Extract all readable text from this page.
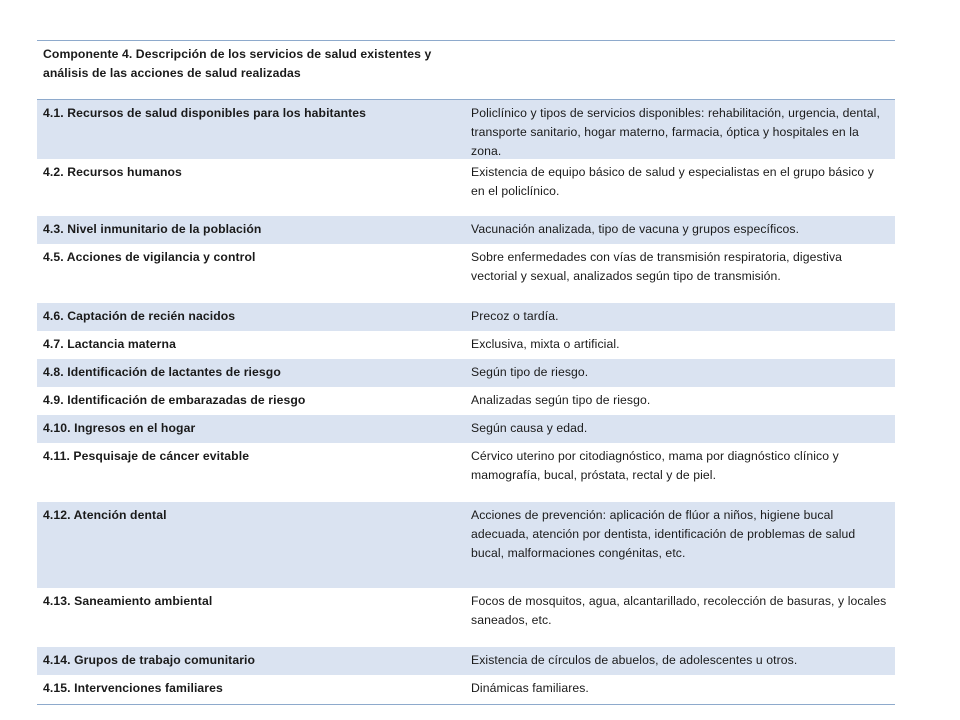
Componente 4. Descripción de los servicios de salud existentes y análisis de las acciones de salud realizadas
4.1. Recursos de salud disponibles para los habitantes	Policlínico y tipos de servicios disponibles: rehabilitación, urgencia, dental, transporte sanitario, hogar materno, farmacia, óptica y hospitales en la zona.
4.2. Recursos humanos	Existencia de equipo básico de salud y especialistas en el grupo básico y en el policlínico.
4.3. Nivel inmunitario de la población	Vacunación analizada, tipo de vacuna y grupos específicos.
4.5. Acciones de vigilancia y control	Sobre enfermedades con vías de transmisión respiratoria, digestiva vectorial y sexual, analizados según tipo de transmisión.
4.6. Captación de recién nacidos	Precoz o tardía.
4.7. Lactancia materna	Exclusiva, mixta o artificial.
4.8. Identificación de lactantes de riesgo	Según tipo de riesgo.
4.9. Identificación de embarazadas de riesgo	Analizadas según tipo de riesgo.
4.10. Ingresos en el hogar	Según causa y edad.
4.11. Pesquisaje de cáncer evitable	Cérvico uterino por citodiagnóstico, mama por diagnóstico clínico y mamografía, bucal, próstata, rectal y de piel.
4.12. Atención dental	Acciones de prevención: aplicación de flúor a niños, higiene bucal adecuada, atención por dentista, identificación de problemas de salud bucal, malformaciones congénitas, etc.
4.13. Saneamiento ambiental	Focos de mosquitos, agua, alcantarillado, recolección de basuras, y locales saneados, etc.
4.14. Grupos de trabajo comunitario	Existencia de círculos de abuelos, de adolescentes u otros.
4.15. Intervenciones familiares	Dinámicas familiares.
